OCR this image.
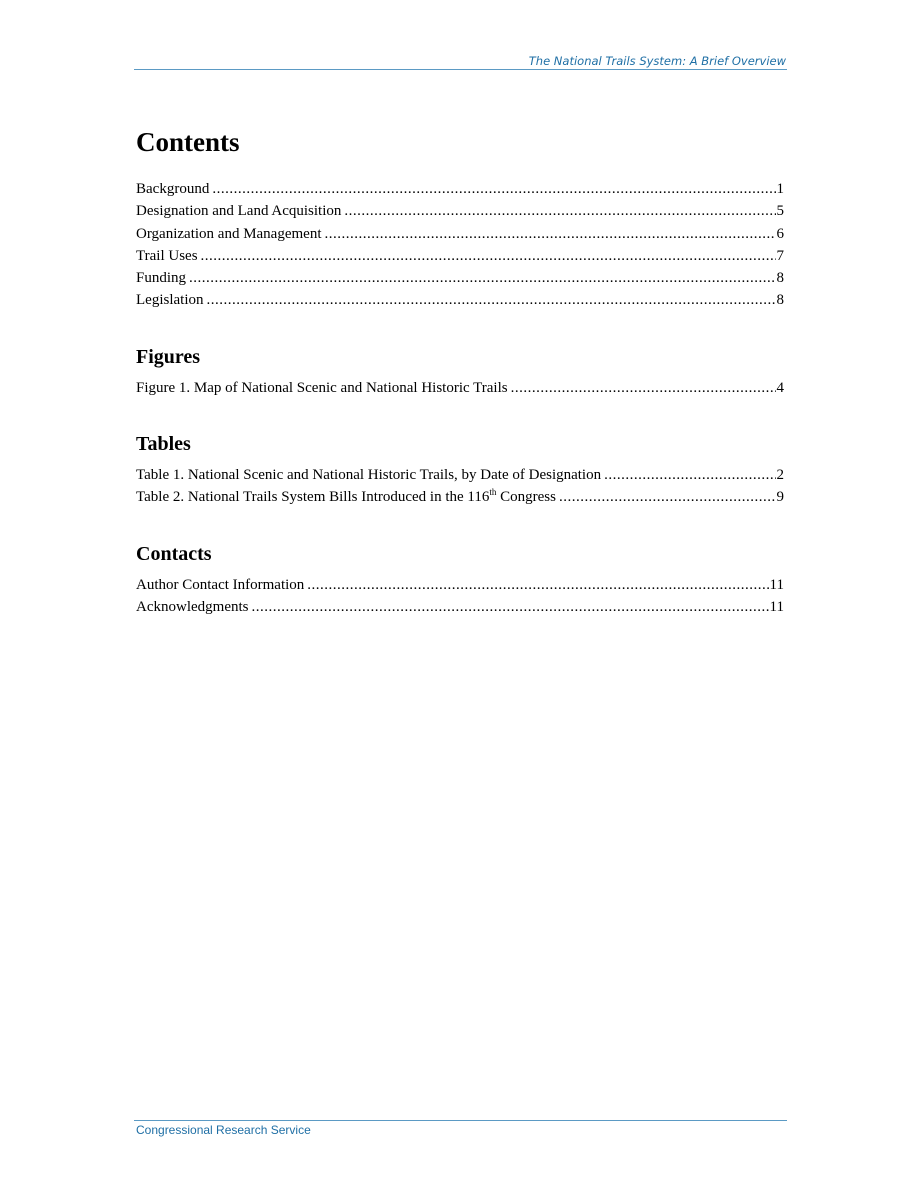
The National Trails System: A Brief Overview
Contents
Background .....	1
Designation and Land Acquisition .....	5
Organization and Management .....	6
Trail Uses .....	7
Funding .....	8
Legislation .....	8
Figures
Figure 1. Map of National Scenic and National Historic Trails .....	4
Tables
Table 1. National Scenic and National Historic Trails, by Date of Designation .....	2
Table 2. National Trails System Bills Introduced in the 116th Congress .....	9
Contacts
Author Contact Information .....	11
Acknowledgments .....	11
Congressional Research Service
